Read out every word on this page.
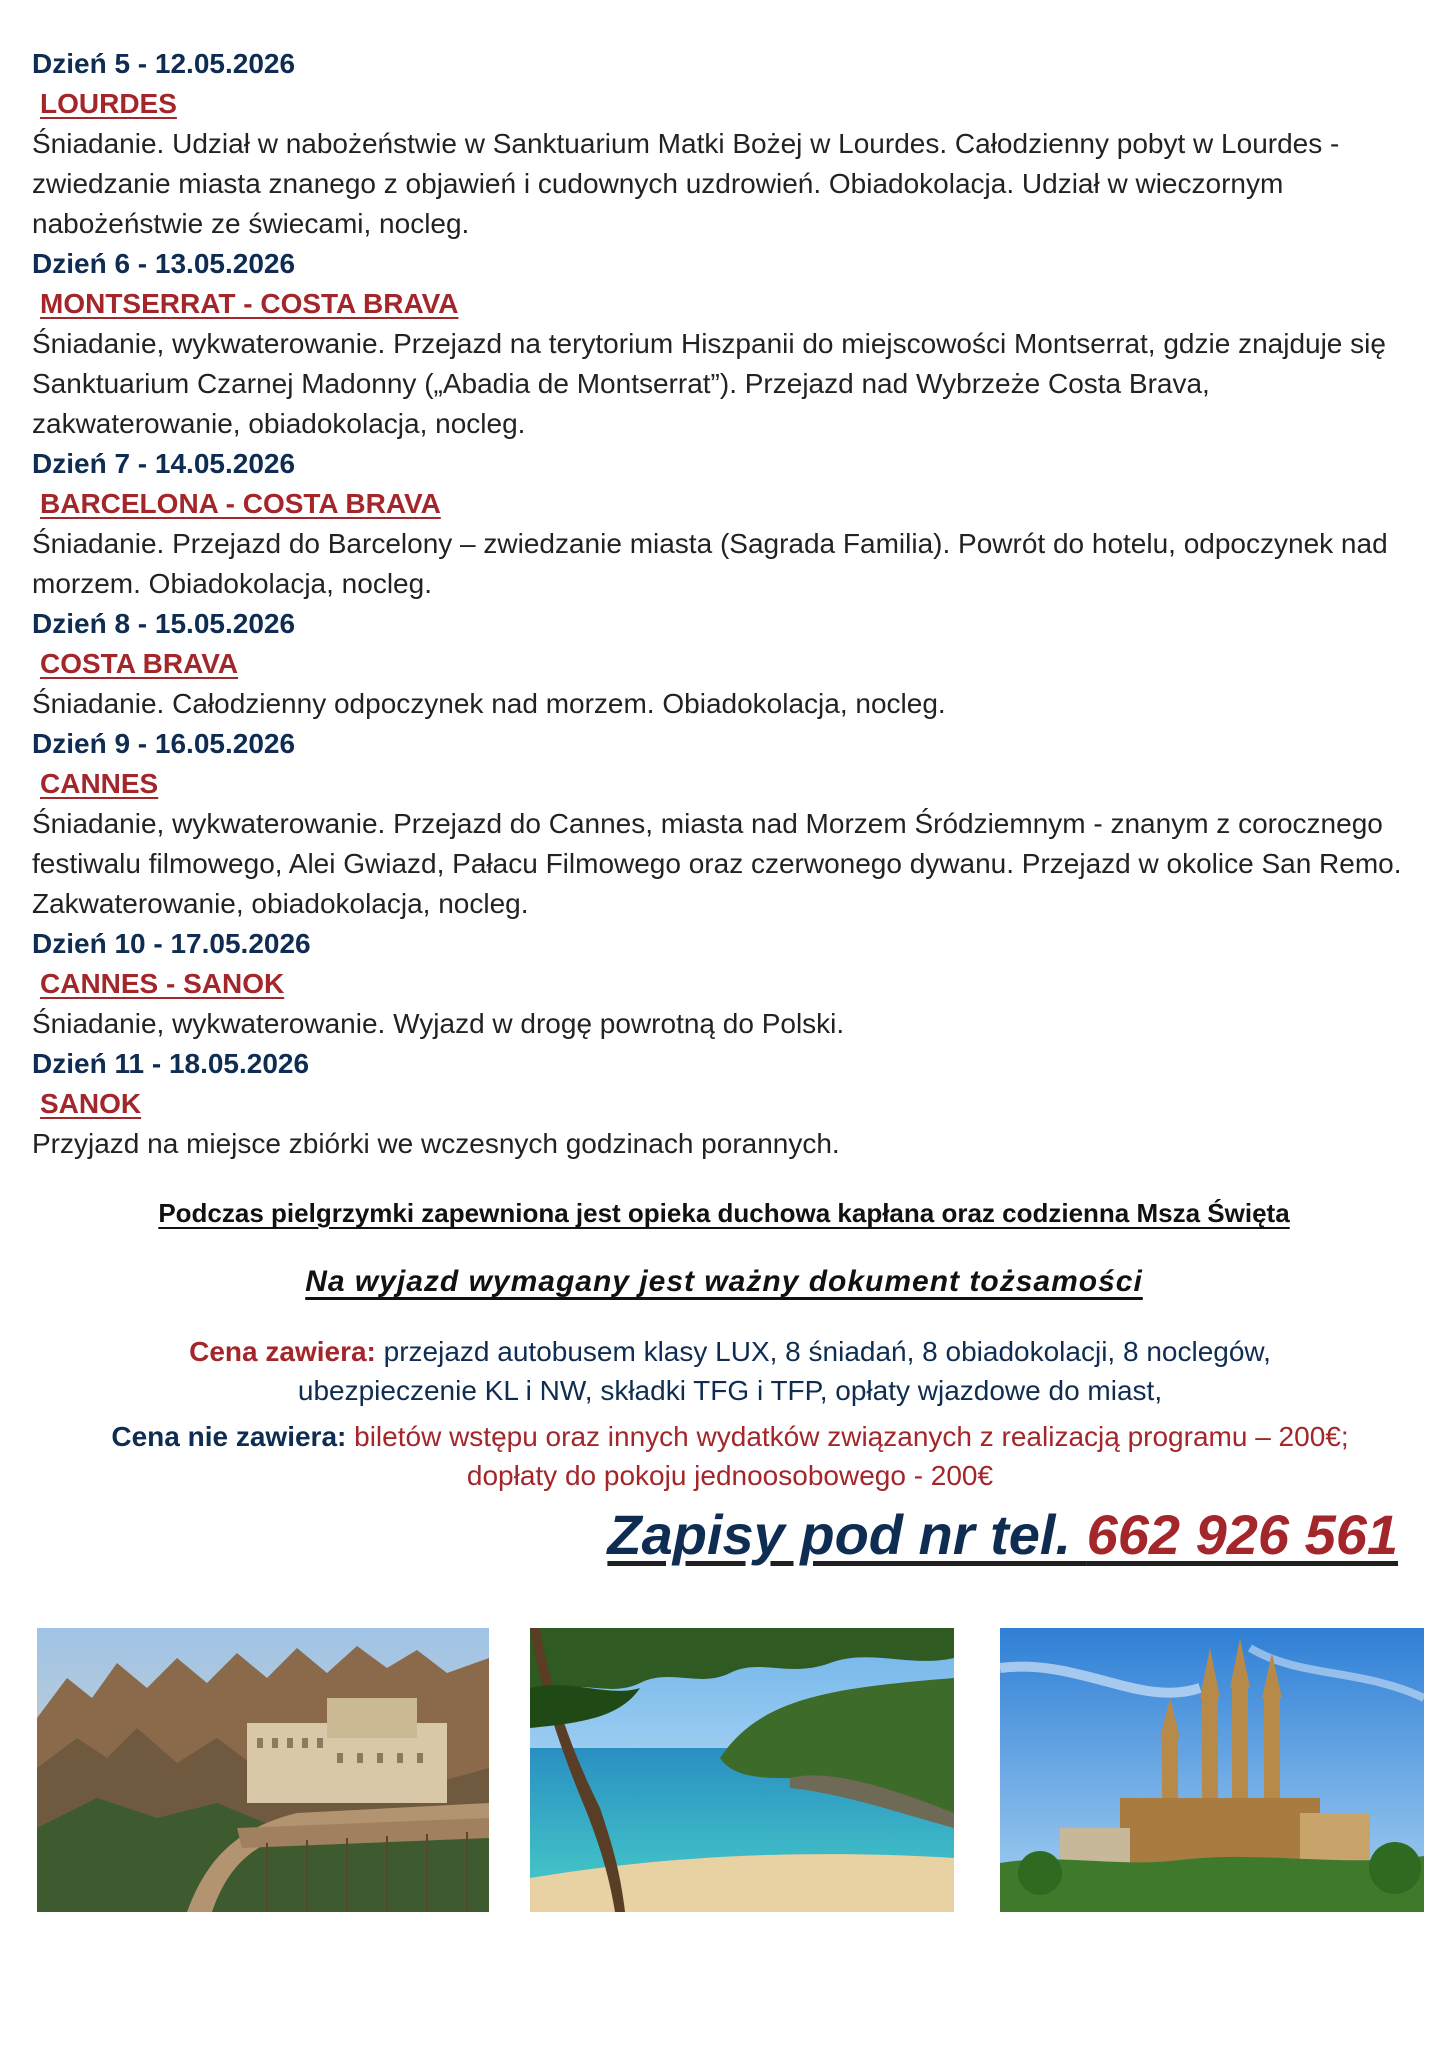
Dzień 5 - 12.05.2026
LOURDES

Śniadanie. Udział w nabożeństwie w Sanktuarium Matki Bożej w Lourdes. Całodzienny pobyt w Lourdes - zwiedzanie miasta znanego z objawień i cudownych uzdrowień. Obiadokolacja. Udział w wieczornym nabożeństwie ze świecami, nocleg.

Dzień 6 - 13.05.2026
MONTSERRAT - COSTA BRAVA

Śniadanie, wykwaterowanie. Przejazd na terytorium Hiszpanii do miejscowości Montserrat, gdzie znajduje się Sanktuarium Czarnej Madonny („Abadia de Montserrat”). Przejazd nad Wybrzeże Costa Brava, zakwaterowanie, obiadokolacja, nocleg.

Dzień 7 - 14.05.2026
BARCELONA - COSTA BRAVA

Śniadanie. Przejazd do Barcelony – zwiedzanie miasta (Sagrada Familia). Powrót do hotelu, odpoczynek nad morzem. Obiadokolacja, nocleg.

Dzień 8 - 15.05.2026
COSTA BRAVA

Śniadanie. Całodzienny odpoczynek nad morzem. Obiadokolacja, nocleg.

Dzień 9 - 16.05.2026
CANNES

Śniadanie, wykwaterowanie. Przejazd do Cannes, miasta nad Morzem Śródziemnym - znanym z corocznego festiwalu filmowego, Alei Gwiazd, Pałacu Filmowego oraz czerwonego dywanu. Przejazd w okolice San Remo. Zakwaterowanie, obiadokolacja, nocleg.

Dzień 10 - 17.05.2026
CANNES - SANOK

Śniadanie, wykwaterowanie. Wyjazd w drogę powrotną do Polski.

Dzień 11 - 18.05.2026
SANOK

Przyjazd na miejsce zbiórki we wczesnych godzinach porannych.

Podczas pielgrzymki zapewniona jest opieka duchowa kapłana oraz codzienna Msza Święta
Na wyjazd wymagany jest ważny dokument tożsamości
Cena zawiera: przejazd autobusem klasy LUX, 8 śniadań, 8 obiadokolacji, 8 noclegów,
ubezpieczenie KL i NW, składki TFG i TFP, opłaty wjazdowe do miast,
Cena nie zawiera: biletów wstępu oraz innych wydatków związanych z realizacją programu – 200€;
dopłaty do pokoju jednoosobowego - 200€
Zapisy pod nr tel. 662 926 561
